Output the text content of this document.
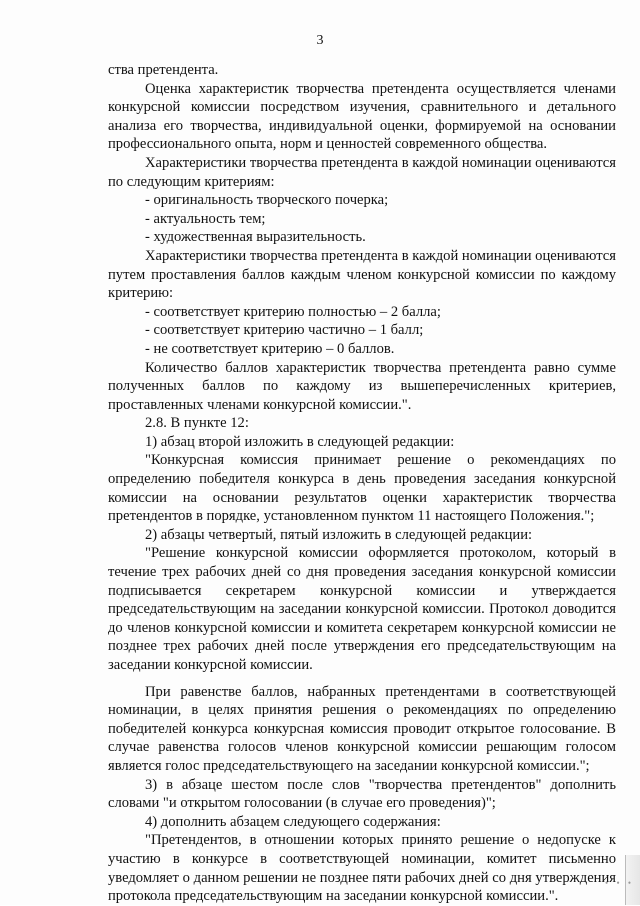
3

ства претендента.

Оценка характеристик творчества претендента осуществляется членами конкурсной комиссии посредством изучения, сравнительного и детального анализа его творчества, индивидуальной оценки, формируемой на основании профессионального опыта, норм и ценностей современного общества.

Характеристики творчества претендента в каждой номинации оцениваются по следующим критериям:

- оригинальность творческого почерка;

- актуальность тем;

- художественная выразительность.

Характеристики творчества претендента в каждой номинации оцениваются путем проставления баллов каждым членом конкурсной комиссии по каждому критерию:

- соответствует критерию полностью – 2 балла;

- соответствует критерию частично – 1 балл;

- не соответствует критерию – 0 баллов.

Количество баллов характеристик творчества претендента равно сумме полученных баллов по каждому из вышеперечисленных критериев, проставленных членами конкурсной комиссии.".

2.8. В пункте 12:

1) абзац второй изложить в следующей редакции:

"Конкурсная комиссия принимает решение о рекомендациях по определению победителя конкурса в день проведения заседания конкурсной комиссии на основании результатов оценки характеристик творчества претендентов в порядке, установленном пунктом 11 настоящего Положения.";

2) абзацы четвертый, пятый изложить в следующей редакции:

"Решение конкурсной комиссии оформляется протоколом, который в течение трех рабочих дней со дня проведения заседания конкурсной комиссии подписывается секретарем конкурсной комиссии и утверждается председательствующим на заседании конкурсной комиссии. Протокол доводится до членов конкурсной комиссии и комитета секретарем конкурсной комиссии не позднее трех рабочих дней после утверждения его председательствующим на заседании конкурсной комиссии.

При равенстве баллов, набранных претендентами в соответствующей номинации, в целях принятия решения о рекомендациях по определению победителей конкурса конкурсная комиссия проводит открытое голосование. В случае равенства голосов членов конкурсной комиссии решающим голосом является голос председательствующего на заседании конкурсной комиссии.";

3) в абзаце шестом после слов "творчества претендентов" дополнить словами "и открытом голосовании (в случае его проведения)";

4) дополнить абзацем следующего содержания:

"Претендентов, в отношении которых принято решение о недопуске к участию в конкурсе в соответствующей номинации, комитет письменно уведомляет о данном решении не позднее пяти рабочих дней со дня утверждения протокола председательствующим на заседании конкурсной комиссии.".

• • •
